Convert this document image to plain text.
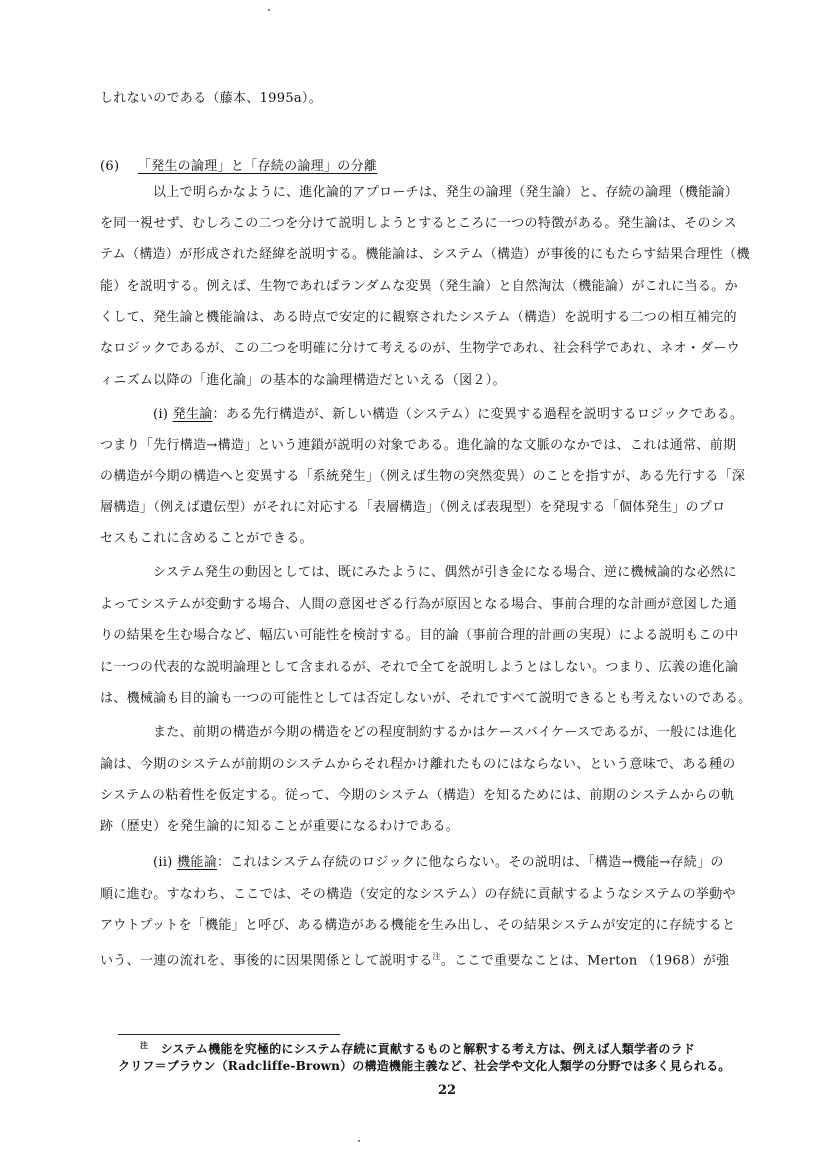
しれないのである（藤本、1995a）。
(6) 「発生の論理」と「存続の論理」の分離
以上で明らかなように、進化論的アプローチは、発生の論理（発生論）と、存続の論理（機能論）
を同一視せず、むしろこの二つを分けて説明しようとするところに一つの特徴がある。発生論は、そのシス
テム（構造）が形成された経緯を説明する。機能論は、システム（構造）が事後的にもたらす結果合理性（機
能）を説明する。例えば、生物であればランダムな変異（発生論）と自然淘汰（機能論）がこれに当る。か
くして、発生論と機能論は、ある時点で安定的に観察されたシステム（構造）を説明する二つの相互補完的
なロジックであるが、この二つを明確に分けて考えるのが、生物学であれ、社会科学であれ、ネオ・ダーウ
ィニズム以降の「進化論」の基本的な論理構造だといえる（図２）。
(i) 発生論：ある先行構造が、新しい構造（システム）に変異する過程を説明するロジックである。
つまり「先行構造→構造」という連鎖が説明の対象である。進化論的な文脈のなかでは、これは通常、前期
の構造が今期の構造へと変異する「系統発生」（例えば生物の突然変異）のことを指すが、ある先行する「深
層構造」（例えば遺伝型）がそれに対応する「表層構造」（例えば表現型）を発現する「個体発生」のプロ
セスもこれに含めることができる。
システム発生の動因としては、既にみたように、偶然が引き金になる場合、逆に機械論的な必然に
よってシステムが変動する場合、人間の意図せざる行為が原因となる場合、事前合理的な計画が意図した通
りの結果を生む場合など、幅広い可能性を検討する。目的論（事前合理的計画の実現）による説明もこの中
に一つの代表的な説明論理として含まれるが、それで全てを説明しようとはしない。つまり、広義の進化論
は、機械論も目的論も一つの可能性としては否定しないが、それですべて説明できるとも考えないのである。
また、前期の構造が今期の構造をどの程度制約するかはケースバイケースであるが、一般には進化
論は、今期のシステムが前期のシステムからそれ程かけ離れたものにはならない、という意味で、ある種の
システムの粘着性を仮定する。従って、今期のシステム（構造）を知るためには、前期のシステムからの軌
跡（歴史）を発生論的に知ることが重要になるわけである。
(ii) 機能論：これはシステム存続のロジックに他ならない。その説明は、「構造→機能→存続」の
順に進む。すなわち、ここでは、その構造（安定的なシステム）の存続に貢献するようなシステムの挙動や
アウトプットを「機能」と呼び、ある構造がある機能を生み出し、その結果システムが安定的に存続すると
いう、一連の流れを、事後的に因果関係として説明する$^注$。ここで重要なことは、Merton （1968）が強
$^注$ システム機能を究極的にシステム存続に貢献するものと解釈する考え方は、例えば人類学者のラド
クリフ＝ブラウン（Radcliffe-Brown）の構造機能主義など、社会学や文化人類学の分野では多く見られる。
22
